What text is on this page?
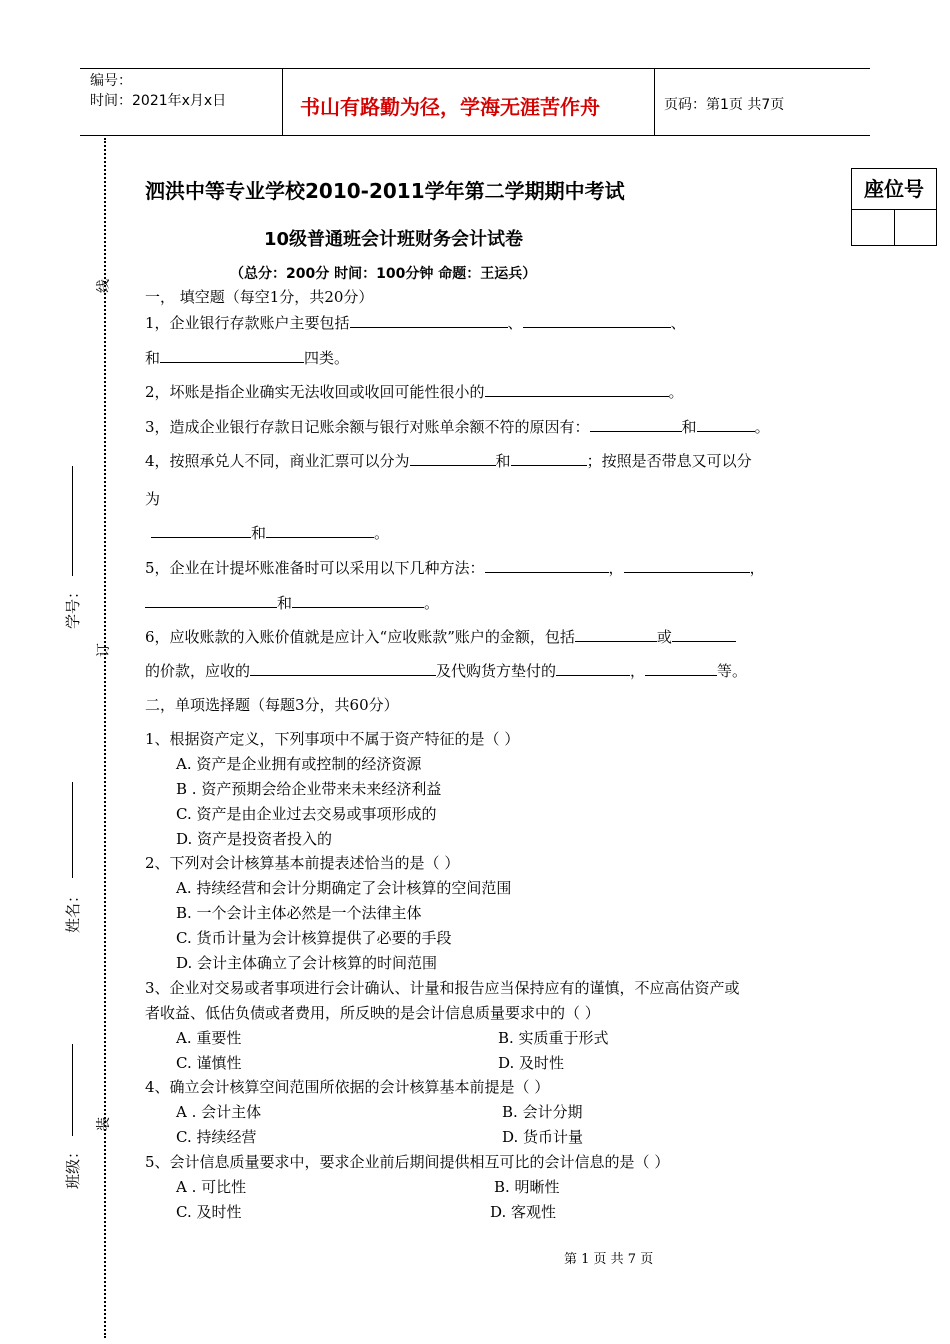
编号：
时间：2021年x月x日	书山有路勤为径，学海无涯苦作舟	页码：第1页 共7页
线
订
装
学号：
姓名：
班级：
座位号
泗洪中等专业学校2010-2011学年第二学期期中考试
10级普通班会计班财务会计试卷
（总分：200分 时间：100分钟 命题：王运兵）
一， 填空题（每空1分，共20分）
1，企业银行存款账户主要包括	、	、
和	四类。
2，坏账是指企业确实无法收回或收回可能性很小的	。
3，造成企业银行存款日记账余额与银行对账单余额不符的原因有：	和	。
4，按照承兑人不同，商业汇票可以分为	和	；按照是否带息又可以分
为
和	。
5，企业在计提坏账准备时可以采用以下几种方法：	，	，
和	。
6，应收账款的入账价值就是应计入“应收账款”账户的金额，包括	或
的价款，应收的	及代购货方垫付的	，	等。
二，单项选择题（每题3分，共60分）
1、根据资产定义，下列事项中不属于资产特征的是（ ）
A. 资产是企业拥有或控制的经济资源
B . 资产预期会给企业带来未来经济利益
C. 资产是由企业过去交易或事项形成的
D. 资产是投资者投入的
2、下列对会计核算基本前提表述恰当的是（ ）
A. 持续经营和会计分期确定了会计核算的空间范围
B. 一个会计主体必然是一个法律主体
C. 货币计量为会计核算提供了必要的手段
D. 会计主体确立了会计核算的时间范围
3、企业对交易或者事项进行会计确认、计量和报告应当保持应有的谨慎，不应高估资产或
者收益、低估负债或者费用，所反映的是会计信息质量要求中的（ ）
A. 重要性	B. 实质重于形式
C. 谨慎性	D. 及时性
4、确立会计核算空间范围所依据的会计核算基本前提是（ ）
A . 会计主体	B. 会计分期
C. 持续经营	D. 货币计量
5、会计信息质量要求中，要求企业前后期间提供相互可比的会计信息的是（ ）
A . 可比性	B. 明晰性
C. 及时性	D. 客观性
第 1 页 共 7 页
